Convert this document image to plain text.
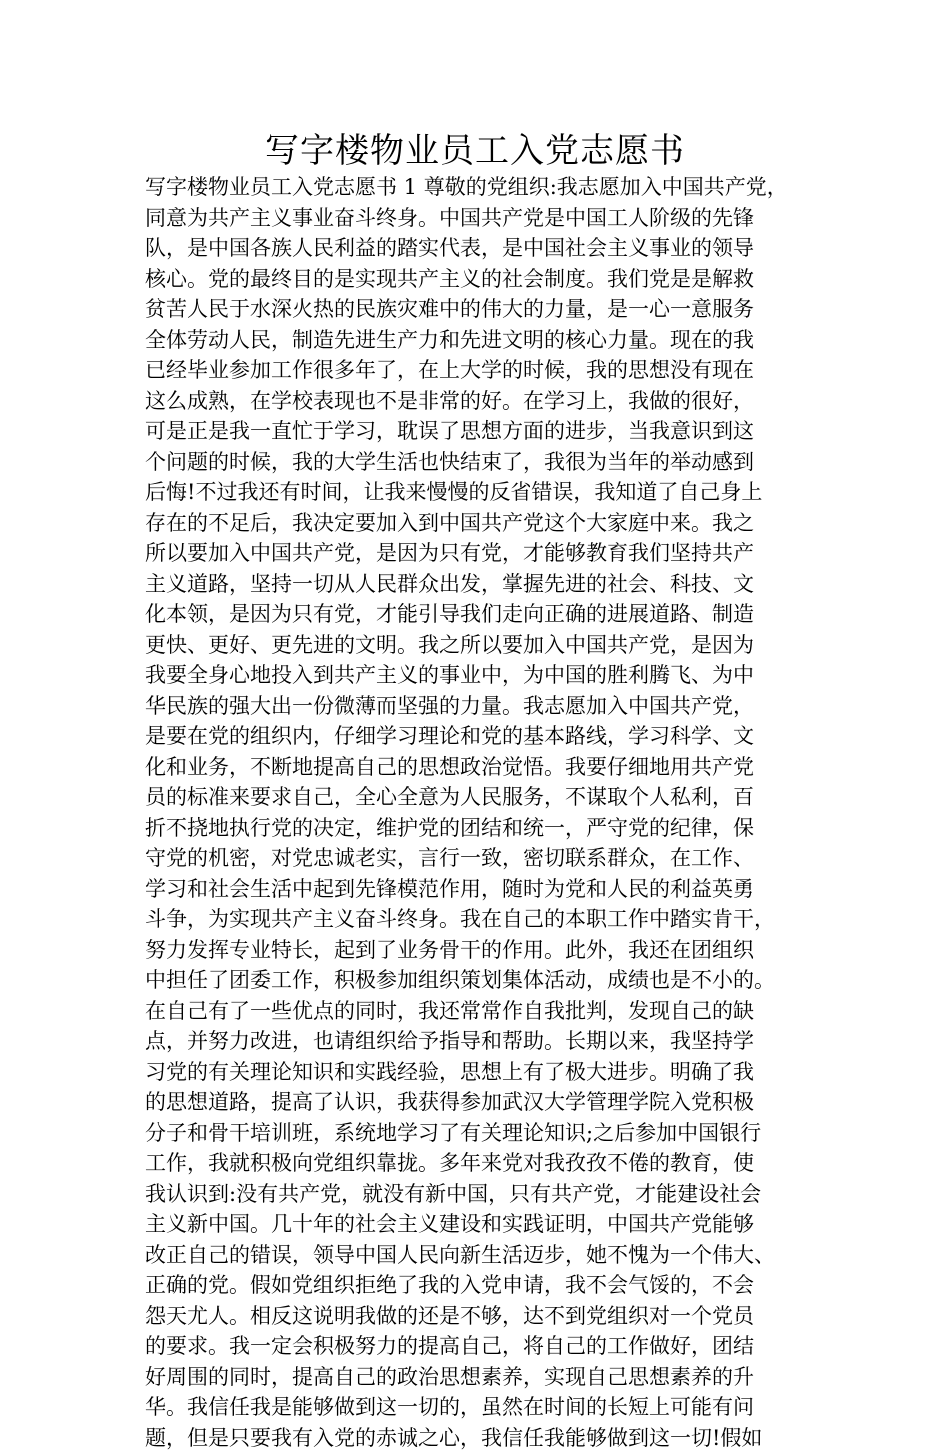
写字楼物业员工入党志愿书
写字楼物业员工入党志愿书 1 尊敬的党组织:我志愿加入中国共产党，
同意为共产主义事业奋斗终身。中国共产党是中国工人阶级的先锋
队，是中国各族人民利益的踏实代表，是中国社会主义事业的领导
核心。党的最终目的是实现共产主义的社会制度。我们党是是解救
贫苦人民于水深火热的民族灾难中的伟大的力量，是一心一意服务
全体劳动人民，制造先进生产力和先进文明的核心力量。现在的我
已经毕业参加工作很多年了，在上大学的时候，我的思想没有现在
这么成熟，在学校表现也不是非常的好。在学习上，我做的很好，
可是正是我一直忙于学习，耽误了思想方面的进步，当我意识到这
个问题的时候，我的大学生活也快结束了，我很为当年的举动感到
后悔!不过我还有时间，让我来慢慢的反省错误，我知道了自己身上
存在的不足后，我决定要加入到中国共产党这个大家庭中来。我之
所以要加入中国共产党，是因为只有党，才能够教育我们坚持共产
主义道路，坚持一切从人民群众出发，掌握先进的社会、科技、文
化本领，是因为只有党，才能引导我们走向正确的进展道路、制造
更快、更好、更先进的文明。我之所以要加入中国共产党，是因为
我要全身心地投入到共产主义的事业中，为中国的胜利腾飞、为中
华民族的强大出一份微薄而坚强的力量。我志愿加入中国共产党，
是要在党的组织内，仔细学习理论和党的基本路线，学习科学、文
化和业务，不断地提高自己的思想政治觉悟。我要仔细地用共产党
员的标准来要求自己，全心全意为人民服务，不谋取个人私利，百
折不挠地执行党的决定，维护党的团结和统一，严守党的纪律，保
守党的机密，对党忠诚老实，言行一致，密切联系群众，在工作、
学习和社会生活中起到先锋模范作用，随时为党和人民的利益英勇
斗争，为实现共产主义奋斗终身。我在自己的本职工作中踏实肯干，
努力发挥专业特长，起到了业务骨干的作用。此外，我还在团组织
中担任了团委工作，积极参加组织策划集体活动，成绩也是不小的。
在自己有了一些优点的同时，我还常常作自我批判，发现自己的缺
点，并努力改进，也请组织给予指导和帮助。长期以来，我坚持学
习党的有关理论知识和实践经验，思想上有了极大进步。明确了我
的思想道路，提高了认识，我获得参加武汉大学管理学院入党积极
分子和骨干培训班，系统地学习了有关理论知识;之后参加中国银行
工作，我就积极向党组织靠拢。多年来党对我孜孜不倦的教育，使
我认识到:没有共产党，就没有新中国，只有共产党，才能建设社会
主义新中国。几十年的社会主义建设和实践证明，中国共产党能够
改正自己的错误，领导中国人民向新生活迈步，她不愧为一个伟大、
正确的党。假如党组织拒绝了我的入党申请，我不会气馁的，不会
怨天尤人。相反这说明我做的还是不够，达不到党组织对一个党员
的要求。我一定会积极努力的提高自己，将自己的工作做好，团结
好周围的同时，提高自己的政治思想素养，实现自己思想素养的升
华。我信任我是能够做到这一切的，虽然在时间的长短上可能有问
题，但是只要我有入党的赤诚之心，我信任我能够做到这一切!假如
